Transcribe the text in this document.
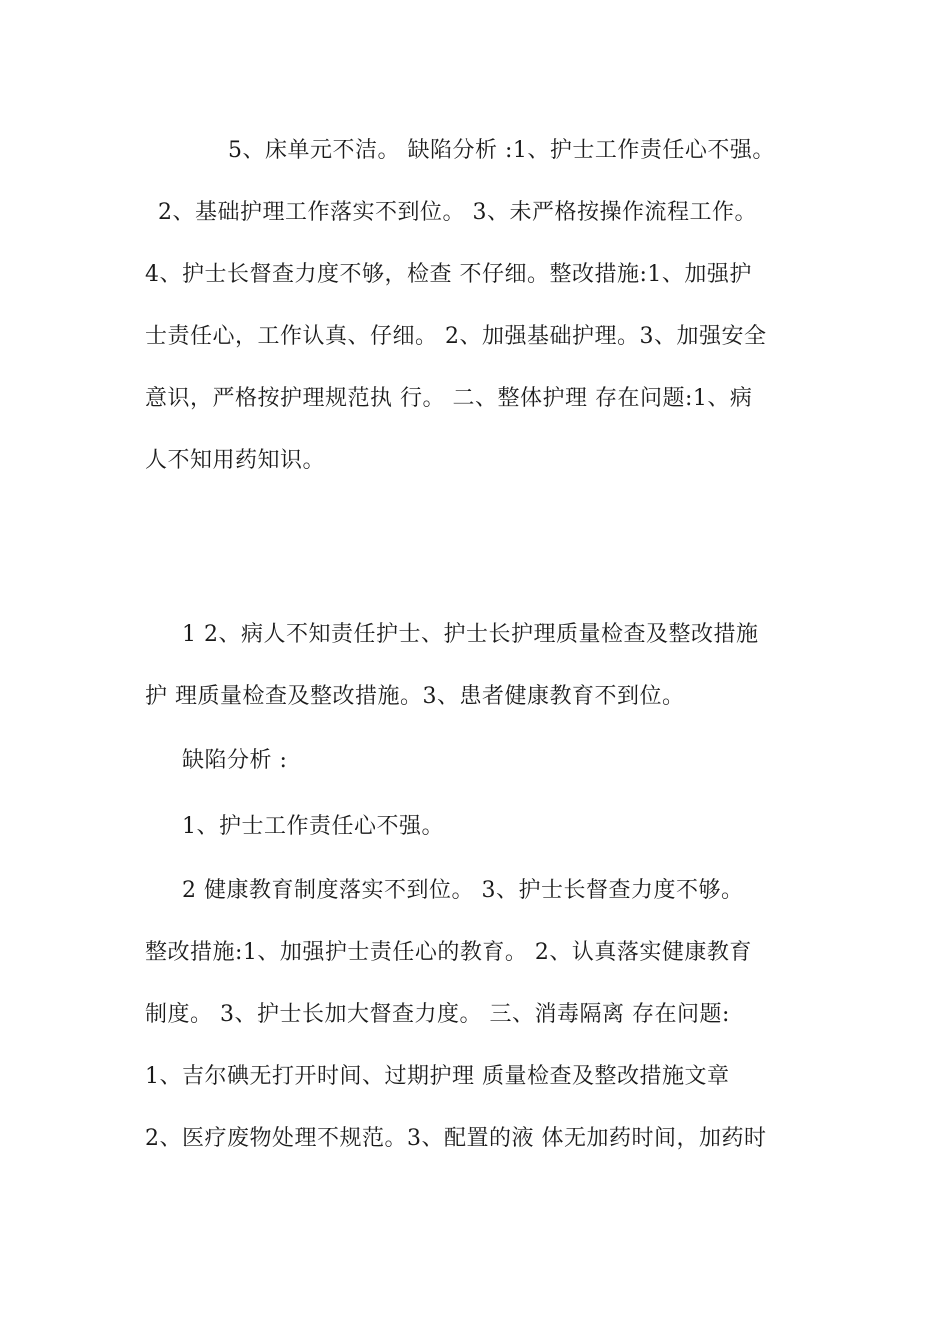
5、床单元不洁。 缺陷分析 :1、护士工作责任心不强。
2、基础护理工作落实不到位。 3、未严格按操作流程工作。
4、护士长督查力度不够，检查 不仔细。整改措施:1、加强护
士责任心，工作认真、仔细。 2、加强基础护理。3、加强安全
意识，严格按护理规范执 行。 二、整体护理 存在问题:1、病
人不知用药知识。
1 2、病人不知责任护士、护士长护理质量检查及整改措施
护 理质量检查及整改措施。3、患者健康教育不到位。
缺陷分析 :
1、护士工作责任心不强。
2 健康教育制度落实不到位。 3、护士长督查力度不够。
整改措施:1、加强护士责任心的教育。 2、认真落实健康教育
制度。 3、护士长加大督查力度。 三、消毒隔离 存在问题:
1、吉尔碘无打开时间、过期护理 质量检查及整改措施文章
2、医疗废物处理不规范。3、配置的液 体无加药时间，加药时
